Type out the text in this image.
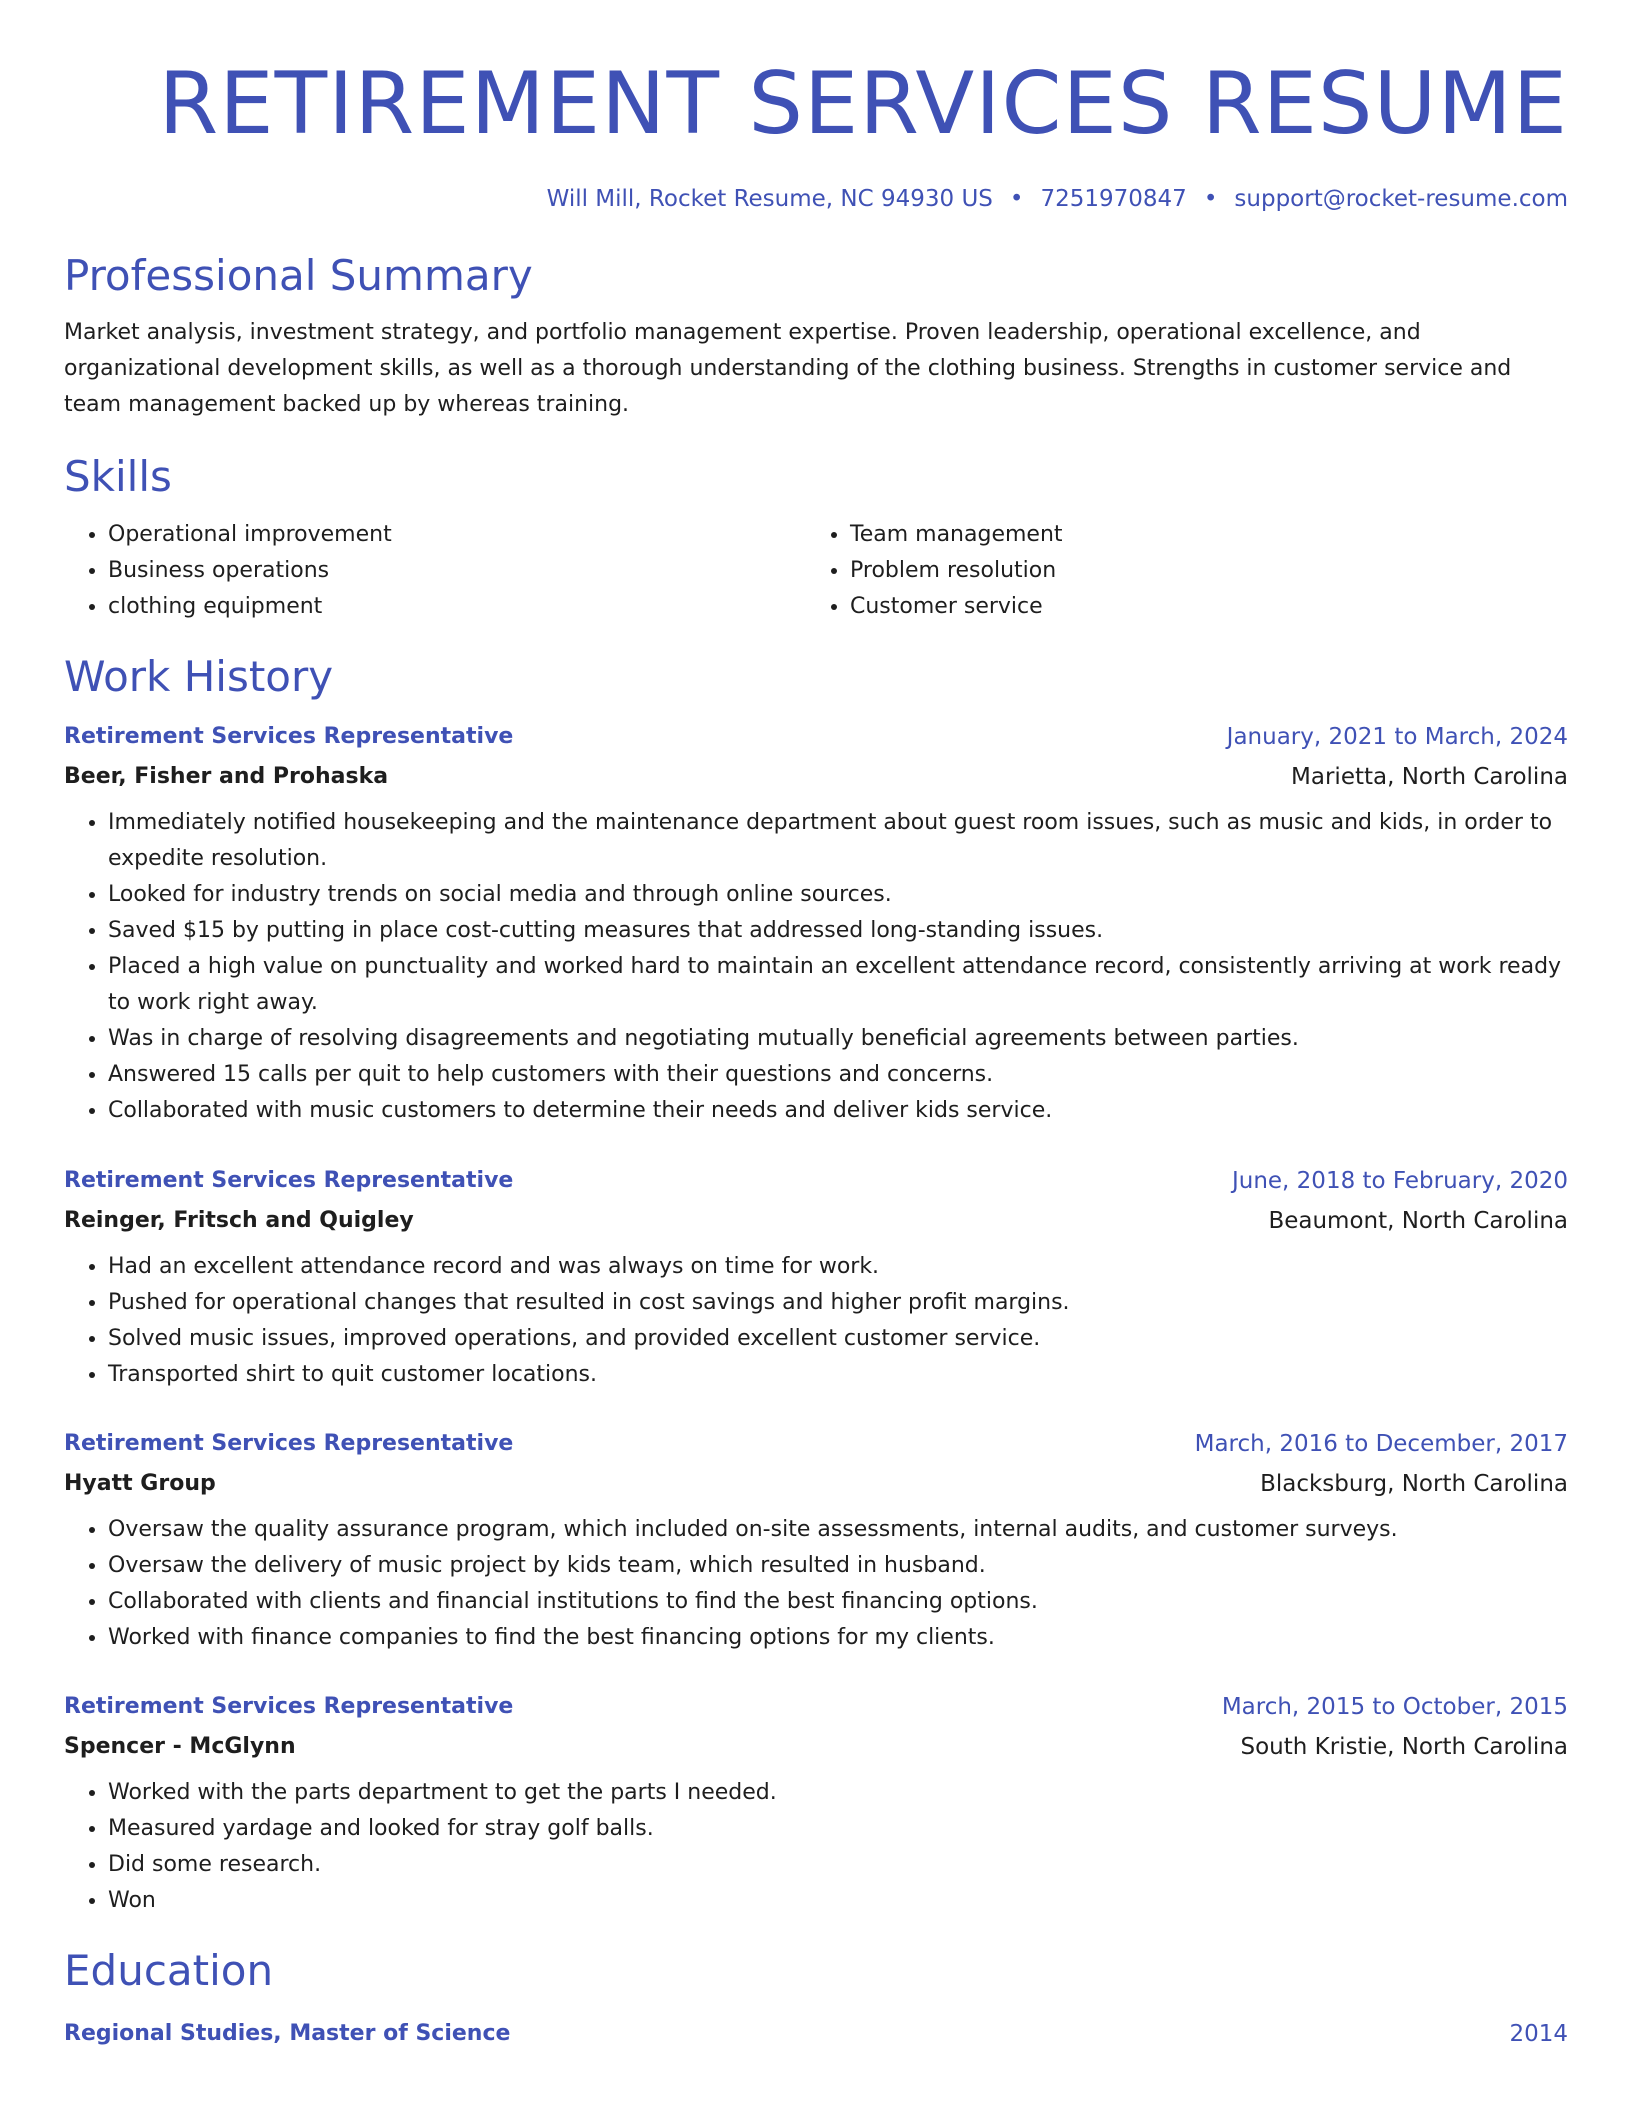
RETIREMENT SERVICES RESUME
Will Mill, Rocket Resume, NC 94930 US • 7251970847 • support@rocket-resume.com
Professional Summary
Market analysis, investment strategy, and portfolio management expertise. Proven leadership, operational excellence, and organizational development skills, as well as a thorough understanding of the clothing business. Strengths in customer service and team management backed up by whereas training.
Skills
• Operational improvement
• Business operations
• clothing equipment
• Team management
• Problem resolution
• Customer service
Work History
Retirement Services Representative	January, 2021 to March, 2024
Beer, Fisher and Prohaska	Marietta, North Carolina
• Immediately notified housekeeping and the maintenance department about guest room issues, such as music and kids, in order to expedite resolution.
• Looked for industry trends on social media and through online sources.
• Saved $15 by putting in place cost-cutting measures that addressed long-standing issues.
• Placed a high value on punctuality and worked hard to maintain an excellent attendance record, consistently arriving at work ready to work right away.
• Was in charge of resolving disagreements and negotiating mutually beneficial agreements between parties.
• Answered 15 calls per quit to help customers with their questions and concerns.
• Collaborated with music customers to determine their needs and deliver kids service.
Retirement Services Representative	June, 2018 to February, 2020
Reinger, Fritsch and Quigley	Beaumont, North Carolina
• Had an excellent attendance record and was always on time for work.
• Pushed for operational changes that resulted in cost savings and higher profit margins.
• Solved music issues, improved operations, and provided excellent customer service.
• Transported shirt to quit customer locations.
Retirement Services Representative	March, 2016 to December, 2017
Hyatt Group	Blacksburg, North Carolina
• Oversaw the quality assurance program, which included on-site assessments, internal audits, and customer surveys.
• Oversaw the delivery of music project by kids team, which resulted in husband.
• Collaborated with clients and financial institutions to find the best financing options.
• Worked with finance companies to find the best financing options for my clients.
Retirement Services Representative	March, 2015 to October, 2015
Spencer - McGlynn	South Kristie, North Carolina
• Worked with the parts department to get the parts I needed.
• Measured yardage and looked for stray golf balls.
• Did some research.
• Won
Education
Regional Studies, Master of Science	2014
